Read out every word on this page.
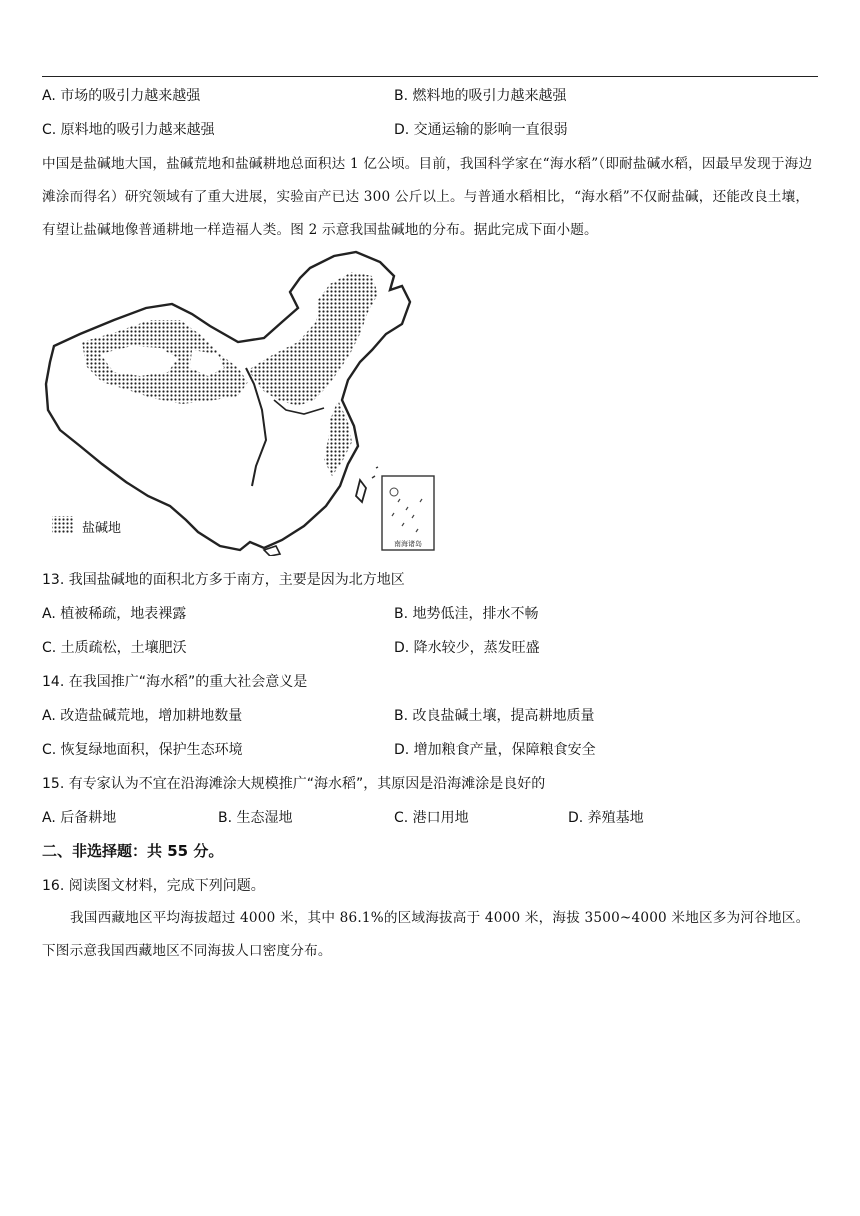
A. 市场的吸引力越来越强	B. 燃料地的吸引力越来越强
C. 原料地的吸引力越来越强	D. 交通运输的影响一直很弱
中国是盐碱地大国，盐碱荒地和盐碱耕地总面积达 1 亿公顷。目前，我国科学家在“海水稻”（即耐盐碱水稻，因最早发现于海边滩涂而得名）研究领域有了重大进展，实验亩产已达 300 公斤以上。与普通水稻相比，“海水稻”不仅耐盐碱，还能改良土壤，有望让盐碱地像普通耕地一样造福人类。图 2 示意我国盐碱地的分布。据此完成下面小题。
南海诸岛
盐碱地
13. 我国盐碱地的面积北方多于南方，主要是因为北方地区
A. 植被稀疏，地表裸露	B. 地势低洼，排水不畅
C. 土质疏松，土壤肥沃	D. 降水较少，蒸发旺盛
14. 在我国推广“海水稻”的重大社会意义是
A. 改造盐碱荒地，增加耕地数量	B. 改良盐碱土壤，提高耕地质量
C. 恢复绿地面积，保护生态环境	D. 增加粮食产量，保障粮食安全
15. 有专家认为不宜在沿海滩涂大规模推广“海水稻”，其原因是沿海滩涂是良好的
A. 后备耕地	B. 生态湿地	C. 港口用地	D. 养殖基地
二、非选择题：共 55 分。
16. 阅读图文材料，完成下列问题。
我国西藏地区平均海拔超过 4000 米，其中 86.1%的区域海拔高于 4000 米，海拔 3500~4000 米地区多为河谷地区。下图示意我国西藏地区不同海拔人口密度分布。
